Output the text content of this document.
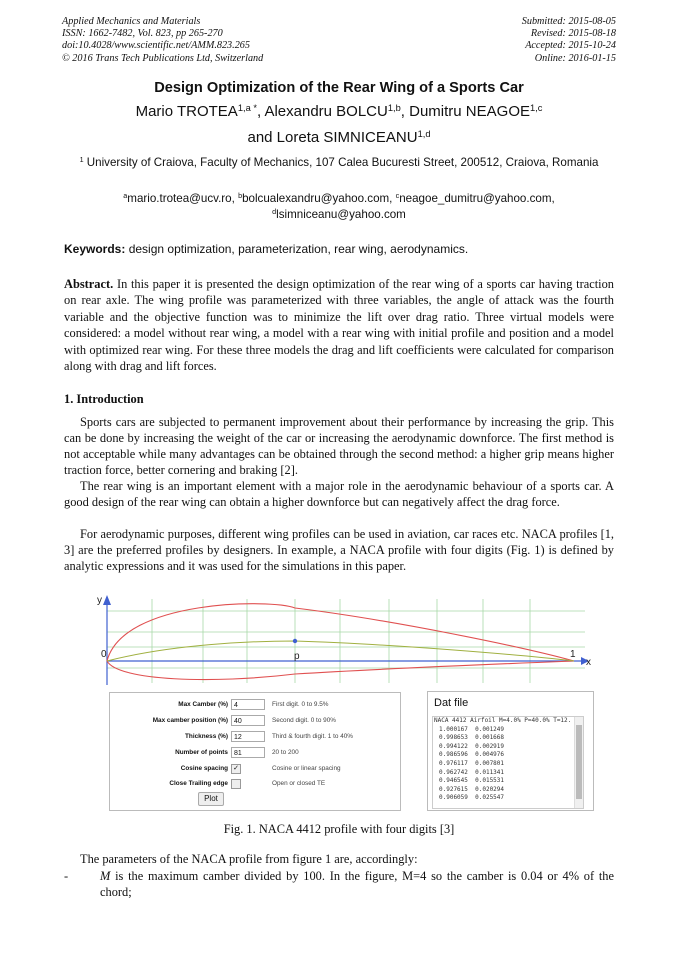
Applied Mechanics and Materials
ISSN: 1662-7482, Vol. 823, pp 265-270
doi:10.4028/www.scientific.net/AMM.823.265
© 2016 Trans Tech Publications Ltd, Switzerland
Submitted: 2015-08-05
Revised: 2015-08-18
Accepted: 2015-10-24
Online: 2016-01-15
Design Optimization of the Rear Wing of a Sports Car
Mario $TROTEA^{1,a *}$, Alexandru BOLCU$^{1,b}$, Dumitru NEAGOE$^{1,c}$
and Loreta SIMNICEANU$^{1,d}$
$^1$ University of Craiova, Faculty of Mechanics, 107 Calea Bucuresti Street, 200512, Craiova, Romania
$^a$mario.trotea@ucv.ro, $^b$bolcualexandru@yahoo.com, $^c$neagoe_dumitru@yahoo.com,
$^d$lsimniceanu@yahoo.com
Keywords: design optimization, parameterization, rear wing, aerodynamics.
Abstract. In this paper it is presented the design optimization of the rear wing of a sports car having traction on rear axle. The wing profile was parameterized with three variables, the angle of attack was the fourth variable and the objective function was to minimize the lift over drag ratio. Three virtual models were considered: a model without rear wing, a model with a rear wing with initial profile and position and a model with optimized rear wing. For these three models the drag and lift coefficients were calculated for comparison along with drag and lift forces.
1. Introduction
Sports cars are subjected to permanent improvement about their performance by increasing the grip. This can be done by increasing the weight of the car or increasing the aerodynamic downforce. The first method is not acceptable while many advantages can be obtained through the second method: a higher grip means higher traction force, better cornering and braking [2].
The rear wing is an important element with a major role in the aerodynamic behaviour of a sports car. A good design of the rear wing can obtain a higher downforce but can negatively affect the drag force.
For aerodynamic purposes, different wing profiles can be used in aviation, car races etc. NACA profiles [1, 3] are the preferred profiles by designers. In example, a NACA profile with four digits (Fig. 1) is defined by analytic expressions and it was used for the simulations in this paper.
y
0	p	1
x
Max Camber (%) 4	First digit. 0 to 9.5%
Max camber position (%) 40	Second digit. 0 to 90%
Thickness (%) 12	Third & fourth digit. 1 to 40%
Number of points 81	20 to 200
Cosine spacing ✓	Cosine or linear spacing
Close Trailing edge	Open or closed TE
Plot
Dat file
NACA 4412 Airfoil M=4.0% P=40.0% T=12.
1.000167  0.001249
0.998653  0.001668
0.994122  0.002919
0.986596  0.004976
0.976117  0.007801
0.962742  0.011341
0.946545  0.015531
0.927615  0.020294
0.906059  0.025547
Fig. 1. NACA 4412 profile with four digits [3]
The parameters of the NACA profile from figure 1 are, accordingly:
-	M is the maximum camber divided by 100. In the figure, M=4 so the camber is 0.04 or 4% of the chord;
